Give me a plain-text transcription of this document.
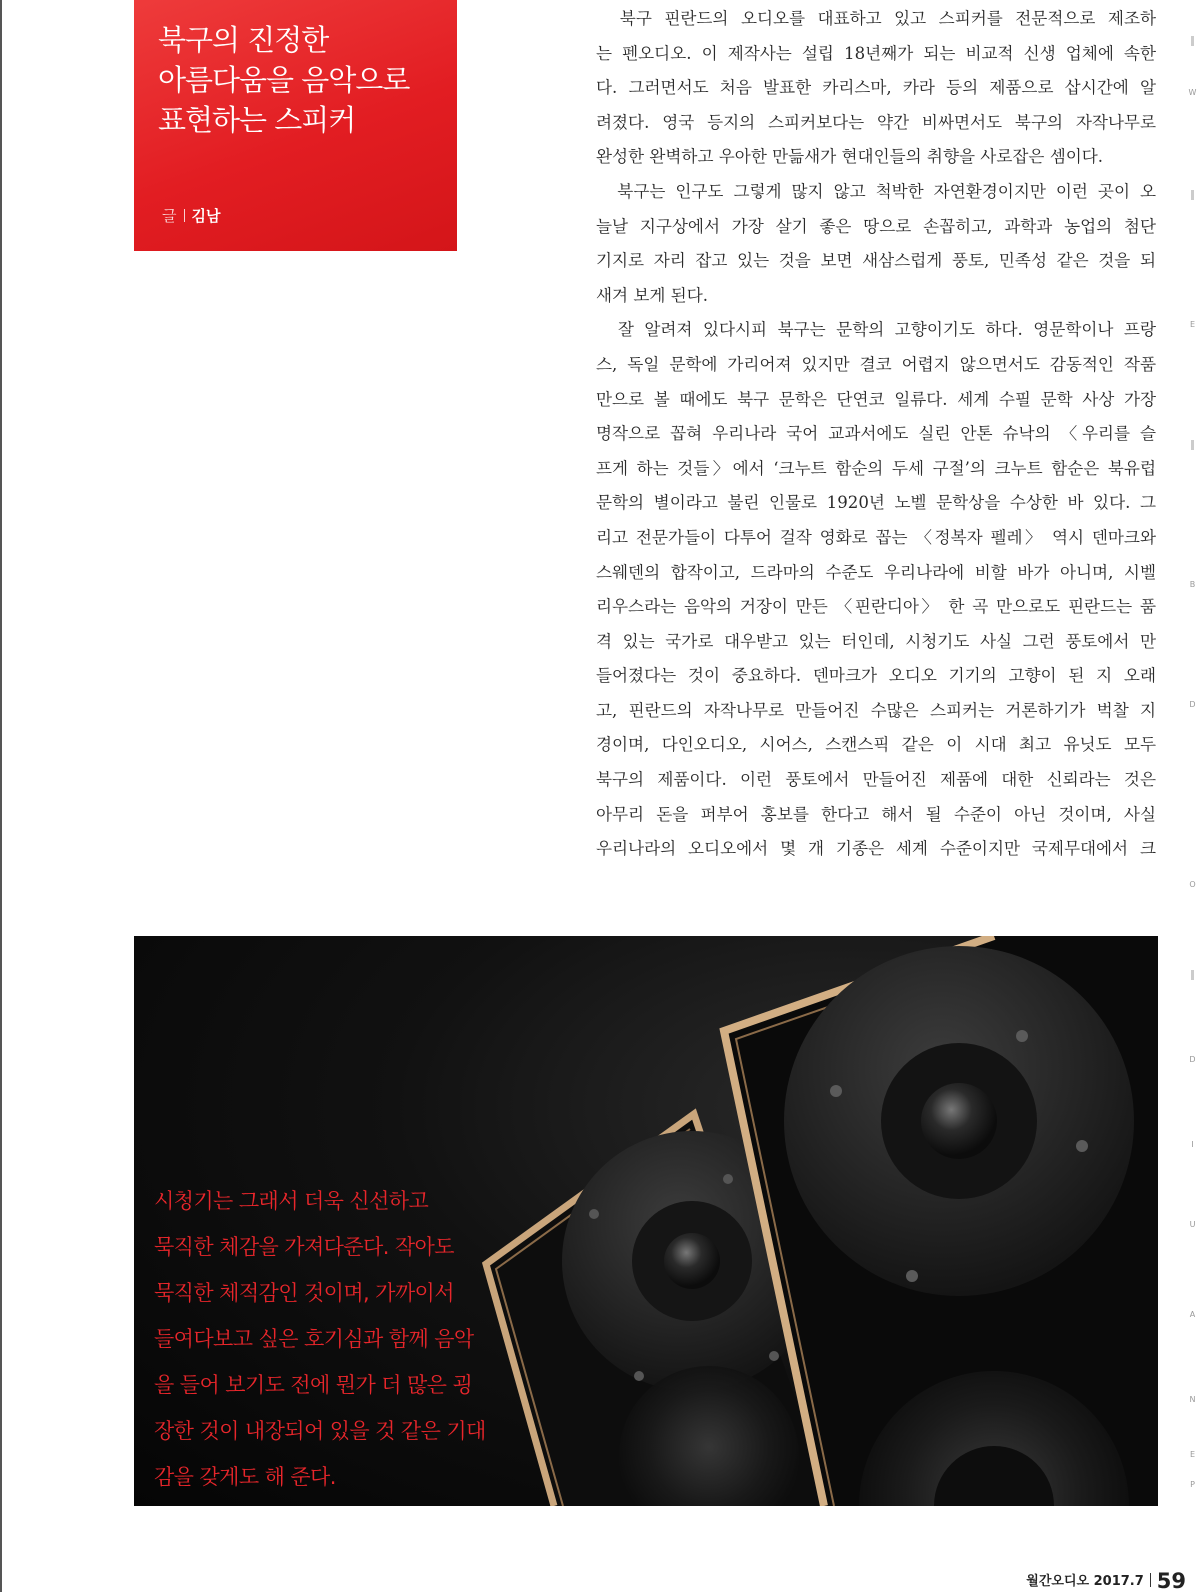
북구의 진정한
아름다움을 음악으로
표현하는 스피커
글 김남
　북구 핀란드의 오디오를 대표하고 있고 스피커를 전문적으로 제조하
는 펜오디오. 이 제작사는 설립 18년째가 되는 비교적 신생 업체에 속한
다. 그러면서도 처음 발표한 카리스마, 카라 등의 제품으로 삽시간에 알
려졌다. 영국 등지의 스피커보다는 약간 비싸면서도 북구의 자작나무로
완성한 완벽하고 우아한 만듦새가 현대인들의 취향을 사로잡은 셈이다.
　북구는 인구도 그렇게 많지 않고 척박한 자연환경이지만 이런 곳이 오
늘날 지구상에서 가장 살기 좋은 땅으로 손꼽히고, 과학과 농업의 첨단
기지로 자리 잡고 있는 것을 보면 새삼스럽게 풍토, 민족성 같은 것을 되
새겨 보게 된다.
　잘 알려져 있다시피 북구는 문학의 고향이기도 하다. 영문학이나 프랑
스, 독일 문학에 가리어져 있지만 결코 어렵지 않으면서도 감동적인 작품
만으로 볼 때에도 북구 문학은 단연코 일류다. 세계 수필 문학 사상 가장
명작으로 꼽혀 우리나라 국어 교과서에도 실린 안톤 슈낙의 〈우리를 슬
프게 하는 것들〉에서 ‘크누트 함순의 두세 구절’의 크누트 함순은 북유럽
문학의 별이라고 불린 인물로 1920년 노벨 문학상을 수상한 바 있다. 그
리고 전문가들이 다투어 걸작 영화로 꼽는 〈정복자 펠레〉 역시 덴마크와
스웨덴의 합작이고, 드라마의 수준도 우리나라에 비할 바가 아니며, 시벨
리우스라는 음악의 거장이 만든 〈핀란디아〉 한 곡 만으로도 핀란드는 품
격 있는 국가로 대우받고 있는 터인데, 시청기도 사실 그런 풍토에서 만
들어졌다는 것이 중요하다. 덴마크가 오디오 기기의 고향이 된 지 오래
고, 핀란드의 자작나무로 만들어진 수많은 스피커는 거론하기가 벅찰 지
경이며, 다인오디오, 시어스, 스캔스픽 같은 이 시대 최고 유닛도 모두
북구의 제품이다. 이런 풍토에서 만들어진 제품에 대한 신뢰라는 것은
아무리 돈을 퍼부어 홍보를 한다고 해서 될 수준이 아닌 것이며, 사실
우리나라의 오디오에서 몇 개 기종은 세계 수준이지만 국제무대에서 크
W
E
B
D
O
D
I
U
A
N
E
P
시청기는 그래서 더욱 신선하고
묵직한 체감을 가져다준다. 작아도
묵직한 체적감인 것이며, 가까이서
들여다보고 싶은 호기심과 함께 음악
을 들어 보기도 전에 뭔가 더 많은 굉
장한 것이 내장되어 있을 것 같은 기대
감을 갖게도 해 준다.
월간오디오 2017.7 59
